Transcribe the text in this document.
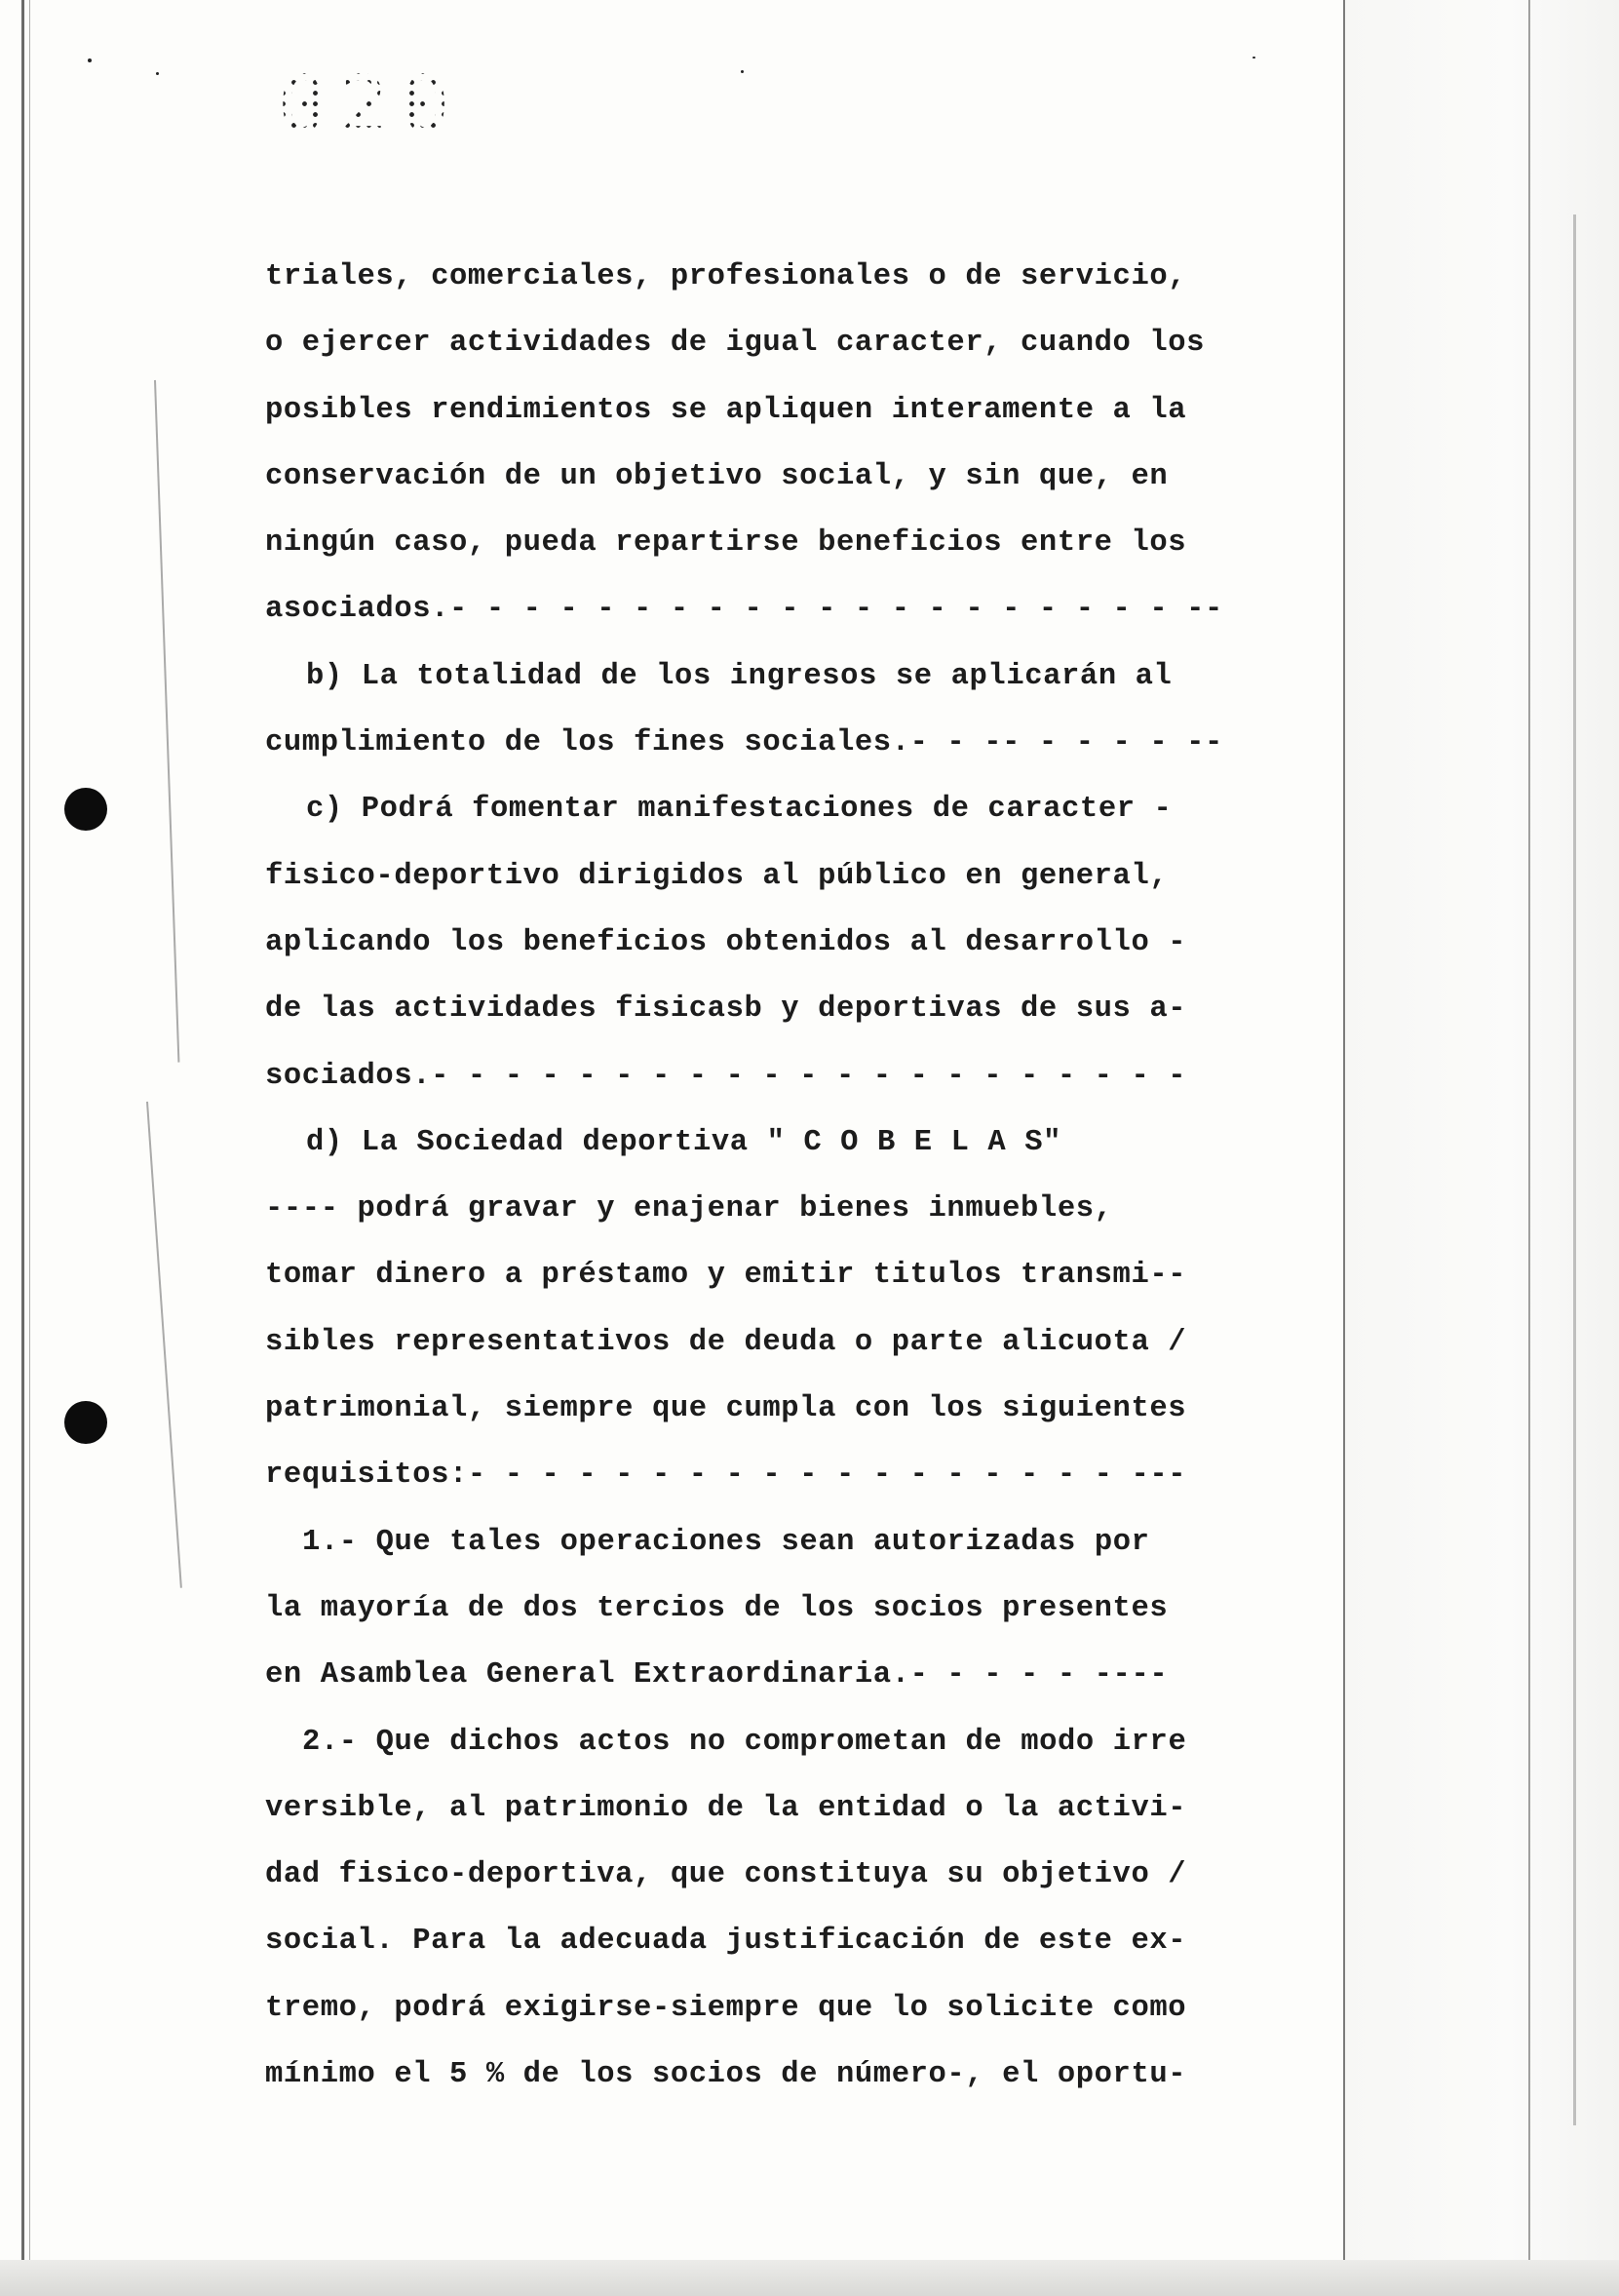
020
triales, comerciales, profesionales o de servicio,
o ejercer actividades de igual caracter, cuando los
posibles rendimientos se apliquen interamente a la
conservación de un objetivo social, y sin que, en
ningún caso, pueda repartirse beneficios entre los
asociados.- - - - - - - - - - - - - - - - - - - - --
b) La totalidad de los ingresos se aplicarán al
cumplimiento de los fines sociales.- - -- - - - - --
c) Podrá fomentar manifestaciones de caracter -
fisico-deportivo dirigidos al público en general,
aplicando los beneficios obtenidos al desarrollo -
de las actividades fisicasb y deportivas de sus a-
sociados.- - - - - - - - - - - - - - - - - - - - -
d) La Sociedad deportiva " C O B E L A S"
---- podrá gravar y enajenar bienes inmuebles,
tomar dinero a préstamo y emitir titulos transmi--
sibles representativos de deuda o parte alicuota /
patrimonial, siempre que cumpla con los siguientes
requisitos:- - - - - - - - - - - - - - - - - - ---
1.- Que tales operaciones sean autorizadas por
la mayoría de dos tercios de los socios presentes
en Asamblea General Extraordinaria.- - - - - ----
2.- Que dichos actos no comprometan de modo irre
versible, al patrimonio de la entidad o la activi-
dad fisico-deportiva, que constituya su objetivo /
social. Para la adecuada justificación de este ex-
tremo, podrá exigirse-siempre que lo solicite como
mínimo el 5 % de los socios de número-, el oportu-
